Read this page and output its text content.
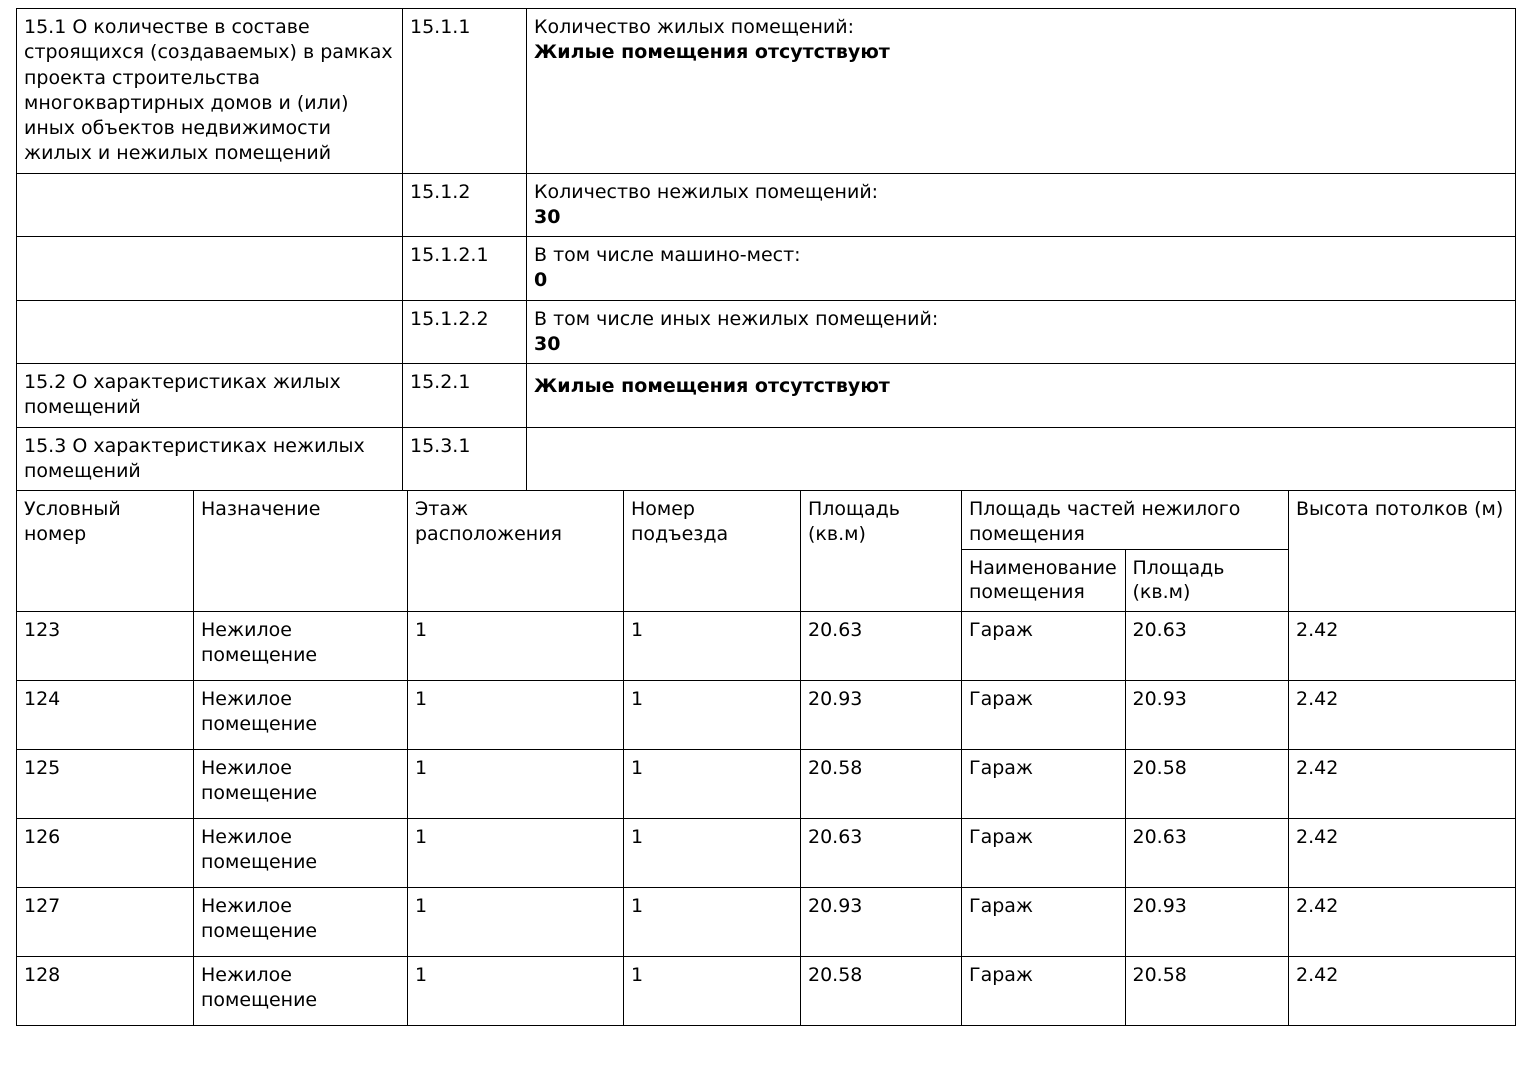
15.1 О количестве в составе строящихся (создаваемых) в рамках проекта строительства многоквартирных домов и (или) иных объектов недвижимости жилых и нежилых помещений	15.1.1	Количество жилых помещений:
Жилые помещения отсутствуют

	15.1.2	Количество нежилых помещений:
30

	15.1.2.1	В том числе машино-мест:
0

	15.1.2.2	В том числе иных нежилых помещений:
30

15.2 О характеристиках жилых помещений	15.2.1	Жилые помещения отсутствуют

15.3 О характеристиках нежилых помещений	15.3.1	
Условный номер	Назначение	Этаж расположения	Номер подъезда	Площадь (кв.м)	Площадь частей нежилого помещения		Высота потолков (м)
					Наименование помещения	Площадь (кв.м)	
123	Нежилое помещение	1	1	20.63	Гараж	20.63	2.42
124	Нежилое помещение	1	1	20.93	Гараж	20.93	2.42
125	Нежилое помещение	1	1	20.58	Гараж	20.58	2.42
126	Нежилое помещение	1	1	20.63	Гараж	20.63	2.42
127	Нежилое помещение	1	1	20.93	Гараж	20.93	2.42
128	Нежилое помещение	1	1	20.58	Гараж	20.58	2.42
